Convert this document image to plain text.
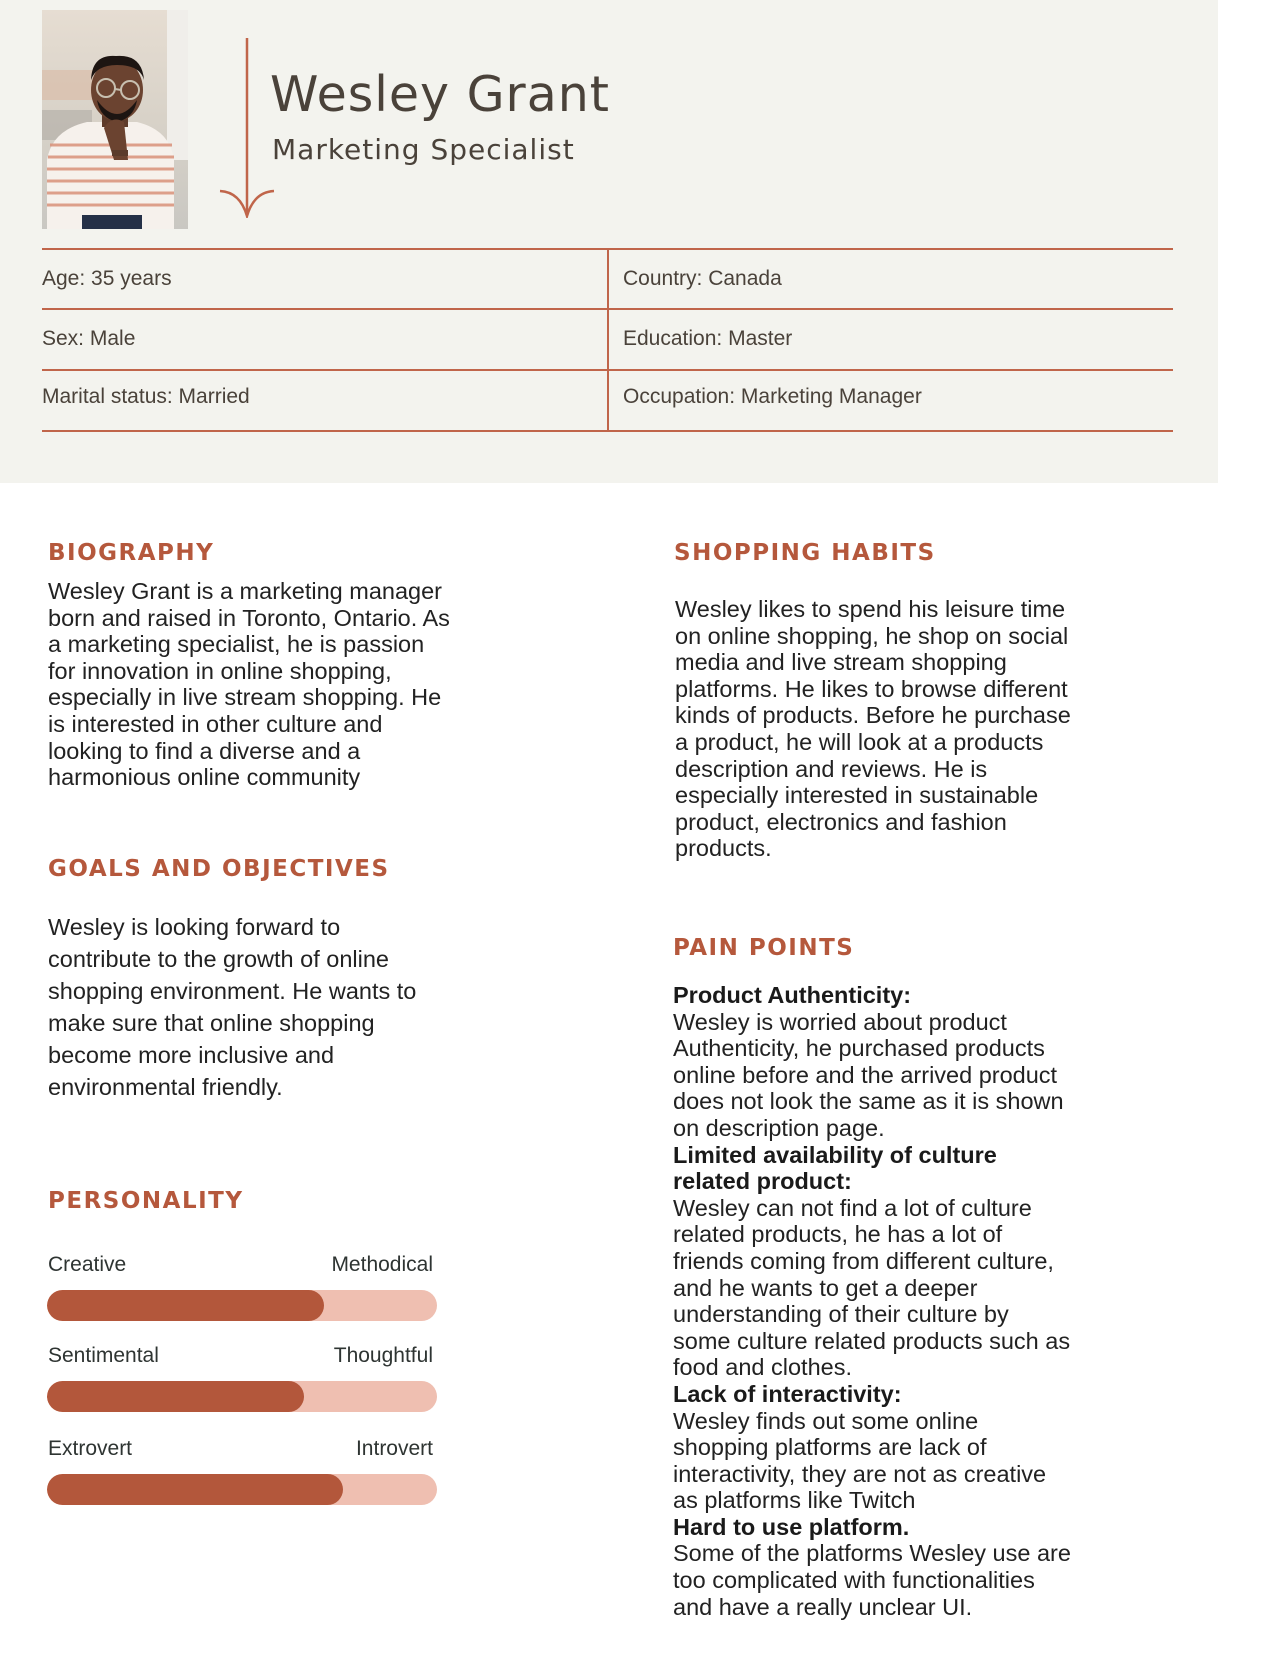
Wesley Grant
Marketing Specialist
Age: 35 years	Country: Canada
Sex: Male	Education: Master
Marital status: Married	Occupation: Marketing Manager
BIOGRAPHY
Wesley Grant is a marketing manager
born and raised in Toronto, Ontario. As
a marketing specialist, he is passion
for innovation in online shopping,
especially in live stream shopping. He
is interested in other culture and
looking to find a diverse and a
harmonious online community
GOALS AND OBJECTIVES
Wesley is looking forward to
contribute to the growth of online
shopping environment. He wants to
make sure that online shopping
become more inclusive and
environmental friendly.
PERSONALITY
Creative	Methodical
Sentimental	Thoughtful
Extrovert	Introvert
SHOPPING HABITS
Wesley likes to spend his leisure time
on online shopping, he shop on social
media and live stream shopping
platforms. He likes to browse different
kinds of products. Before he purchase
a product, he will look at a products
description and reviews. He is
especially interested in sustainable
product, electronics and fashion
products.
PAIN POINTS
Product Authenticity:
Wesley is worried about product
Authenticity, he purchased products
online before and the arrived product
does not look the same as it is shown
on description page.
Limited availability of culture
related product:
Wesley can not find a lot of culture
related products, he has a lot of
friends coming from different culture,
and he wants to get a deeper
understanding of their culture by
some culture related products such as
food and clothes.
Lack of interactivity:
Wesley finds out some online
shopping platforms are lack of
interactivity, they are not as creative
as platforms like Twitch
Hard to use platform.
Some of the platforms Wesley use are
too complicated with functionalities
and have a really unclear UI.
